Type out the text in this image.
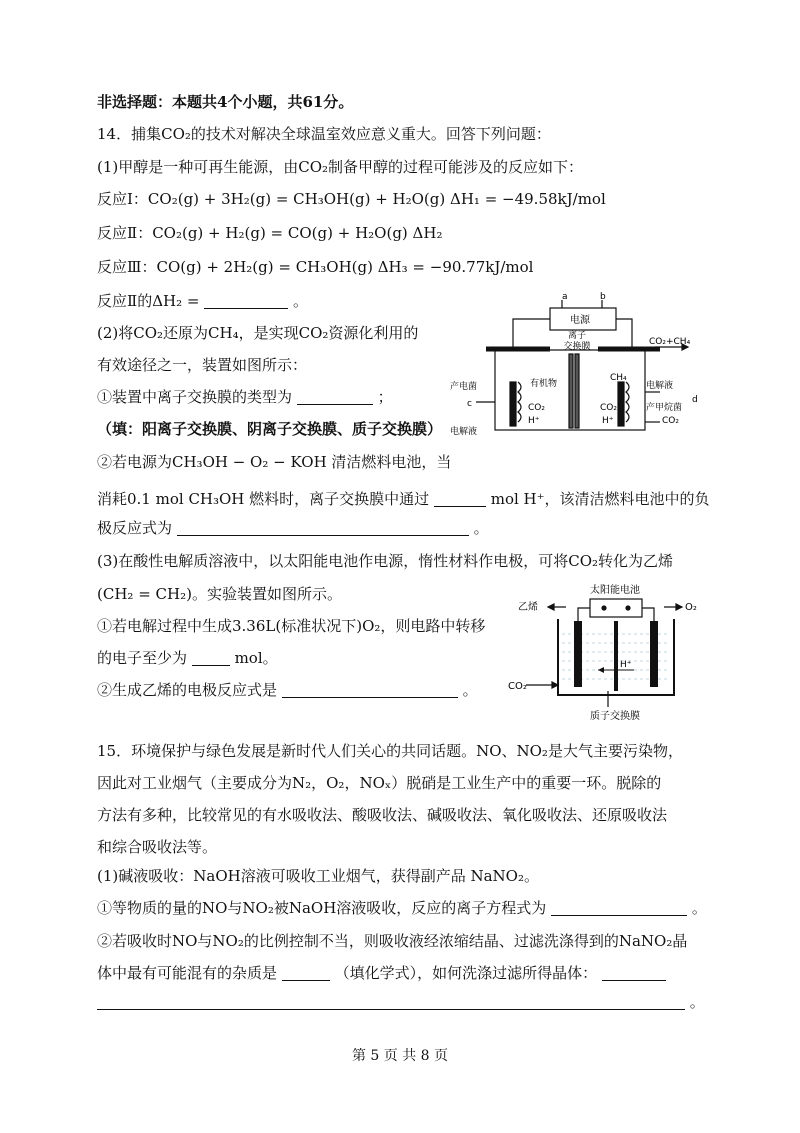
非选择题：本题共4个小题，共61分。
14．捕集CO₂的技术对解决全球温室效应意义重大。回答下列问题：
(1)甲醇是一种可再生能源，由CO₂制备甲醇的过程可能涉及的反应如下：
反应Ⅰ：CO₂(g) + 3H₂(g) = CH₃OH(g) + H₂O(g) ΔH₁ = −49.58kJ/mol
反应Ⅱ：CO₂(g) + H₂(g) = CO(g) + H₂O(g) ΔH₂
反应Ⅲ：CO(g) + 2H₂(g) = CH₃OH(g) ΔH₃ = −90.77kJ/mol
反应Ⅱ的ΔH₂ =	。
(2)将CO₂还原为CH₄，是实现CO₂资源化利用的
有效途径之一，装置如图所示：
①装置中离子交换膜的类型为	；
（填：阳离子交换膜、阴离子交换膜、质子交换膜）
②若电源为CH₃OH − O₂ − KOH 清洁燃料电池，当
消耗0.1 mol CH₃OH 燃料时，离子交换膜中通过	mol H⁺，该清洁燃料电池中的负
极反应式为	。
(3)在酸性电解质溶液中，以太阳能电池作电源，惰性材料作电极，可将CO₂转化为乙烯
(CH₂ = CH₂)。实验装置如图所示。
①若电解过程中生成3.36L(标准状况下)O₂，则电路中转移
的电子至少为	mol。
②生成乙烯的电极反应式是	。
15．环境保护与绿色发展是新时代人们关心的共同话题。NO、NO₂是大气主要污染物，
因此对工业烟气（主要成分为N₂，O₂，NOₓ）脱硝是工业生产中的重要一环。脱除的
方法有多种，比较常见的有水吸收法、酸吸收法、碱吸收法、氧化吸收法、还原吸收法
和综合吸收法等。
(1)碱液吸收：NaOH溶液可吸收工业烟气，获得副产品 NaNO₂。
①等物质的量的NO与NO₂被NaOH溶液吸收，反应的离子方程式为	。
②若吸收时NO与NO₂的比例控制不当，则吸收液经浓缩结晶、过滤洗涤得到的NaNO₂晶
体中最有可能混有的杂质是	（填化学式），如何洗涤过滤所得晶体：
。
a	b
电源
离子
交换膜	CO₂+CH₄
产电菌	有机物
c	CO₂
H⁺
电解液
CH₄
CO₂
H⁺
电解液
d
产甲烷菌
CO₂
太阳能电池
乙烯	O₂
H⁺
CO₂
质子交换膜
第 5 页 共 8 页
